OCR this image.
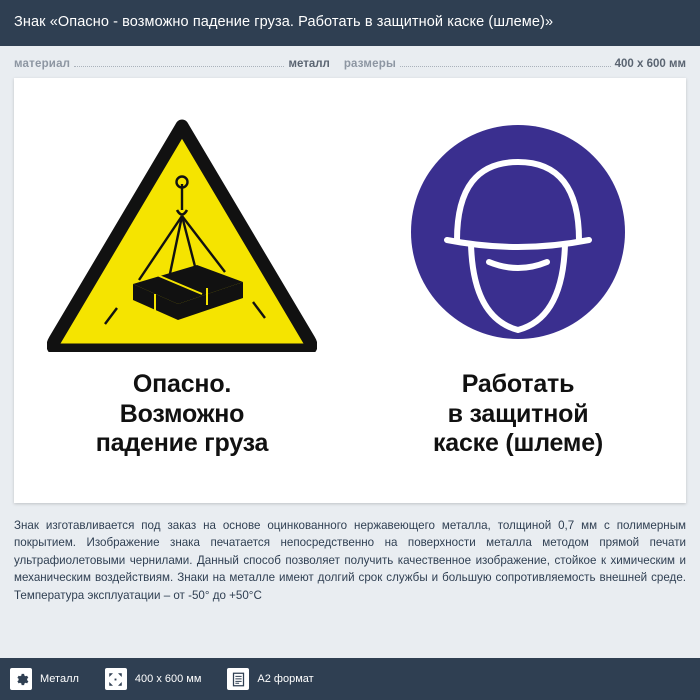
Знак «Опасно - возможно падение груза. Работать в защитной каске (шлеме)»
материал	металл размеры	400 х 600 мм
Опасно.
Возможно
падение груза
Работать
в защитной
каске (шлеме)
Знак изготавливается под заказ на основе оцинкованного нержавеющего металла, толщиной 0,7 мм с полимерным покрытием. Изображение знака печатается непосредственно на поверхности металла методом прямой печати ультрафиолетовыми чернилами. Данный способ позволяет получить качественное изображение, стойкое к химическим и механическим воздействиям. Знаки на металле имеют долгий срок службы и большую сопротивляемость внешней среде. Температура эксплуатации – от -50° до +50°C
Металл	400 x 600 мм	A2 формат
